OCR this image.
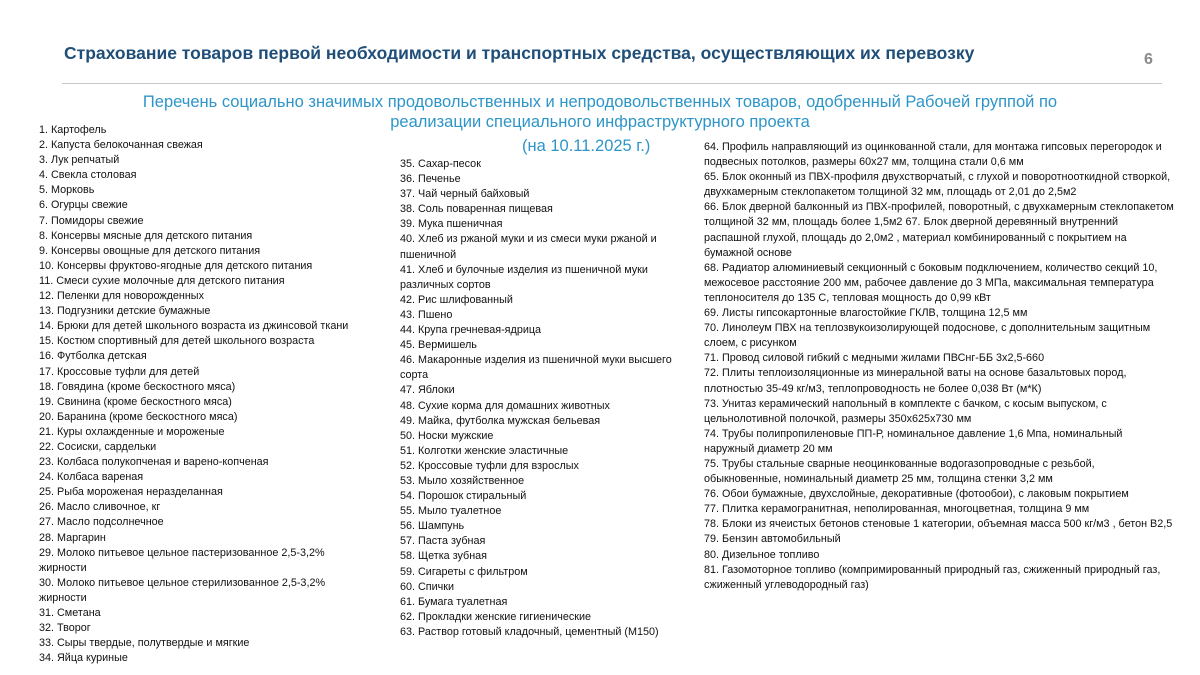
Страхование товаров первой необходимости и транспортных средства, осуществляющих их перевозку	6
Перечень социально значимых продовольственных и непродовольственных товаров, одобренный Рабочей группой по
реализации специального инфраструктурного проекта
(на 10.11.2025 г.)
1. Картофель
2. Капуста белокочанная свежая
3. Лук репчатый
4. Свекла столовая
5. Морковь
6. Огурцы свежие
7. Помидоры свежие
8. Консервы мясные для детского питания
9. Консервы овощные для детского питания
10. Консервы фруктово-ягодные для детского питания
11. Смеси сухие молочные для детского питания
12. Пеленки для новорожденных
13. Подгузники детские бумажные
14. Брюки для детей школьного возраста из джинсовой ткани
15. Костюм спортивный для детей школьного возраста
16. Футболка детская
17. Кроссовые туфли для детей
18. Говядина (кроме бескостного мяса)
19. Свинина (кроме бескостного мяса)
20. Баранина (кроме бескостного мяса)
21. Куры охлажденные и мороженые
22. Сосиски, сардельки
23. Колбаса полукопченая и варено-копченая
24. Колбаса вареная
25. Рыба мороженая неразделанная
26. Масло сливочное, кг
27. Масло подсолнечное
28. Маргарин
29. Молоко питьевое цельное пастеризованное 2,5-3,2%
жирности
30. Молоко питьевое цельное стерилизованное 2,5-3,2%
жирности
31. Сметана
32. Творог
33. Сыры твердые, полутвердые и мягкие
34. Яйца куриные
35. Сахар-песок
36. Печенье
37. Чай черный байховый
38. Соль поваренная пищевая
39. Мука пшеничная
40. Хлеб из ржаной муки и из смеси муки ржаной и пшеничной
41. Хлеб и булочные изделия из пшеничной муки различных сортов
42. Рис шлифованный
43. Пшено
44. Крупа гречневая-ядрица
45. Вермишель
46. Макаронные изделия из пшеничной муки высшего сорта
47. Яблоки
48. Сухие корма для домашних животных
49. Майка, футболка мужская бельевая
50. Носки мужские
51. Колготки женские эластичные
52. Кроссовые туфли для взрослых
53. Мыло хозяйственное
54. Порошок стиральный
55. Мыло туалетное
56. Шампунь
57. Паста зубная
58. Щетка зубная
59. Сигареты с фильтром
60. Спички
61. Бумага туалетная
62. Прокладки женские гигиенические
63. Раствор готовый кладочный, цементный (М150)
64. Профиль направляющий из оцинкованной стали, для монтажа гипсовых перегородок и подвесных потолков, размеры 60х27 мм, толщина стали 0,6 мм
65. Блок оконный из ПВХ-профиля двухстворчатый, с глухой и поворотнооткидной створкой, двухкамерным стеклопакетом толщиной 32 мм, площадь от 2,01 до 2,5м2
66. Блок дверной балконный из ПВХ-профилей, поворотный, с двухкамерным стеклопакетом толщиной 32 мм, площадь более 1,5м2 67. Блок дверной деревянный внутренний распашной глухой, площадь до 2,0м2 , материал комбинированный с покрытием на бумажной основе
68. Радиатор алюминиевый секционный с боковым подключением, количество секций 10, межосевое расстояние 200 мм, рабочее давление до 3 МПа, максимальная температура теплоносителя до 135 С, тепловая мощность до 0,99 кВт
69. Листы гипсокартонные влагостойкие ГКЛВ, толщина 12,5 мм
70. Линолеум ПВХ на теплозвукоизолирующей подоснове, с дополнительным защитным слоем, с рисунком
71. Провод силовой гибкий с медными жилами ПВСнг-ББ 3х2,5-660
72. Плиты теплоизоляционные из минеральной ваты на основе базальтовых пород, плотностью 35-49 кг/м3, теплопроводность не более 0,038 Вт (м*К)
73. Унитаз керамический напольный в комплекте с бачком, с косым выпуском, с цельнолотивной полочкой, размеры 350х625х730 мм
74. Трубы полипропиленовые ПП-Р, номинальное давление 1,6 Мпа, номинальный наружный диаметр 20 мм
75. Трубы стальные сварные неоцинкованные водогазопроводные с резьбой, обыкновенные, номинальный диаметр 25 мм, толщина стенки 3,2 мм
76. Обои бумажные, двухслойные, декоративные (фотообои), с лаковым покрытием
77. Плитка керамогранитная, неполированная, многоцветная, толщина 9 мм
78. Блоки из ячеистых бетонов стеновые 1 категории, объемная масса 500 кг/м3 , бетон В2,5
79. Бензин автомобильный
80. Дизельное топливо
81. Газомоторное топливо (компримированный природный газ, сжиженный природный газ, сжиженный углеводородный газ)
